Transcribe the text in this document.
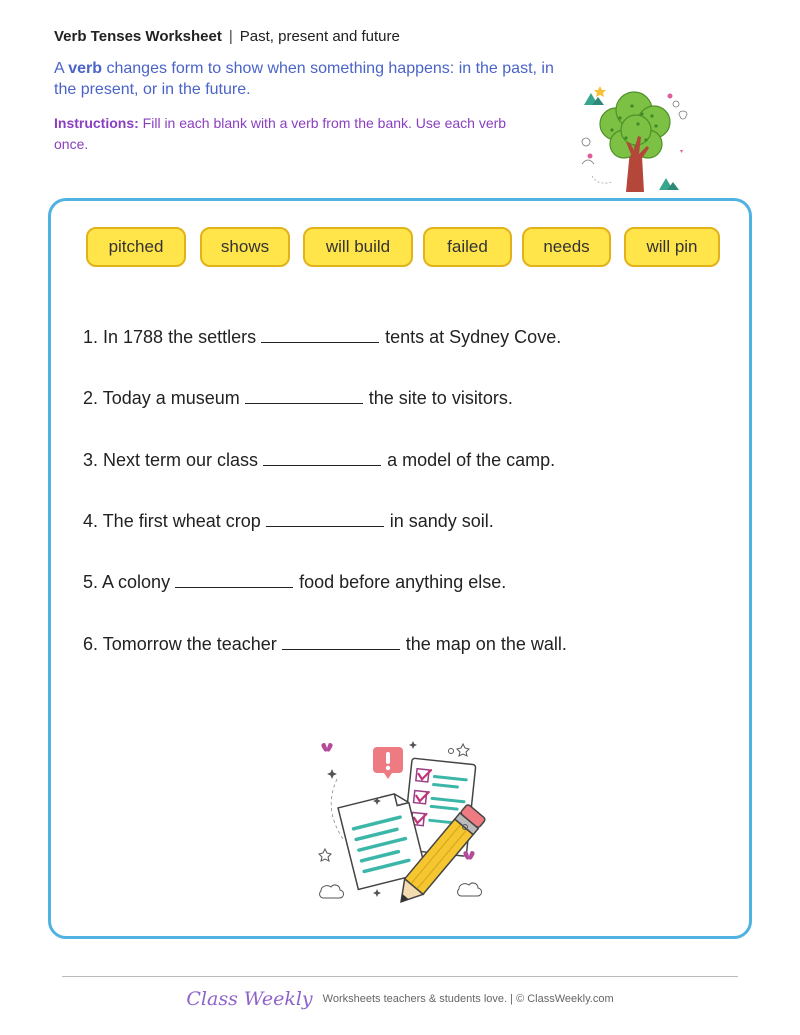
Verb Tenses Worksheet | Past, present and future
A verb changes form to show when something happens: in the past, in the present, or in the future.
Instructions: Fill in each blank with a verb from the bank. Use each verb once.
pitched	shows	will build	failed	needs	will pin
1. In 1788 the settlers	tents at Sydney Cove.
2. Today a museum	the site to visitors.
3. Next term our class	a model of the camp.
4. The first wheat crop	in sandy soil.
5. A colony	food before anything else.
6. Tomorrow the teacher	the map on the wall.
Class Weekly Worksheets teachers & students love. | © ClassWeekly.com
